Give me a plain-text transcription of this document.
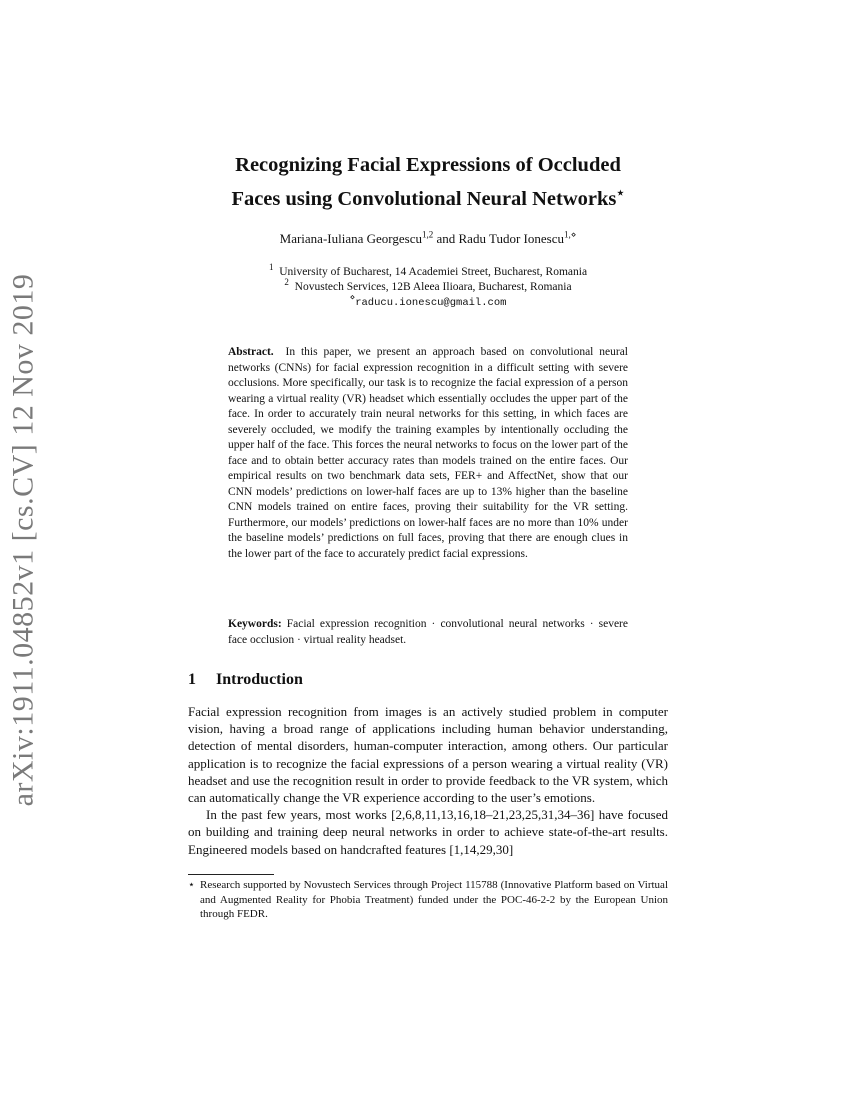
arXiv:1911.04852v1 [cs.CV] 12 Nov 2019
Recognizing Facial Expressions of Occluded
Faces using Convolutional Neural Networks⋆
Mariana-Iuliana Georgescu$^{1,2}$ and Radu Tudor Ionescu$^{1,⋄}$
$^1$ University of Bucharest, 14 Academiei Street, Bucharest, Romania
$^2$ Novustech Services, 12B Aleea Ilioara, Bucharest, Romania
⋄raducu.ionescu@gmail.com
Abstract. In this paper, we present an approach based on convolutional neural networks (CNNs) for facial expression recognition in a difficult setting with severe occlusions. More specifically, our task is to recognize the facial expression of a person wearing a virtual reality (VR) headset which essentially occludes the upper part of the face. In order to accurately train neural networks for this setting, in which faces are severely occluded, we modify the training examples by intentionally occluding the upper half of the face. This forces the neural networks to focus on the lower part of the face and to obtain better accuracy rates than models trained on the entire faces. Our empirical results on two benchmark data sets, FER+ and AffectNet, show that our CNN models’ predictions on lower-half faces are up to 13% higher than the baseline CNN models trained on entire faces, proving their suitability for the VR setting. Furthermore, our models’ predictions on lower-half faces are no more than 10% under the baseline models’ predictions on full faces, proving that there are enough clues in the lower part of the face to accurately predict facial expressions.
Keywords: Facial expression recognition · convolutional neural networks · severe face occlusion · virtual reality headset.
1 Introduction

Facial expression recognition from images is an actively studied problem in computer vision, having a broad range of applications including human behavior understanding, detection of mental disorders, human-computer interaction, among others. Our particular application is to recognize the facial expressions of a person wearing a virtual reality (VR) headset and use the recognition result in order to provide feedback to the VR system, which can automatically change the VR experience according to the user’s emotions.

In the past few years, most works [2,6,8,11,13,16,18–21,23,25,31,34–36] have focused on building and training deep neural networks in order to achieve state-of-the-art results. Engineered models based on handcrafted features [1,14,29,30]

⋆ Research supported by Novustech Services through Project 115788 (Innovative Platform based on Virtual and Augmented Reality for Phobia Treatment) funded under the POC-46-2-2 by the European Union through FEDR.
